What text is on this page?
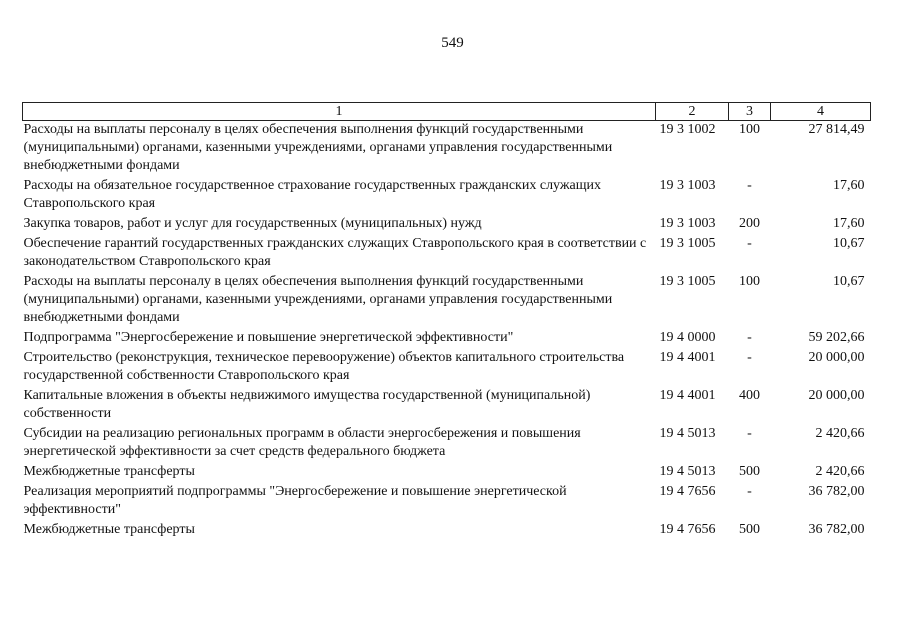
549
1	2	3	4
Расходы на выплаты персоналу в целях обеспечения выполнения функций государственными (муниципальными) органами, казенными учреждениями, органами управления государственными внебюджетными фондами	19 3 1002	100	27 814,49
Расходы на обязательное государственное страхование государственных гражданских служащих Ставропольского края	19 3 1003	-	17,60
Закупка товаров, работ и услуг для государственных (муниципальных) нужд	19 3 1003	200	17,60
Обеспечение гарантий государственных гражданских служащих Ставропольского края в соответствии с законодательством Ставропольского края	19 3 1005	-	10,67
Расходы на выплаты персоналу в целях обеспечения выполнения функций государственными (муниципальными) органами, казенными учреждениями, органами управления государственными внебюджетными фондами	19 3 1005	100	10,67
Подпрограмма "Энергосбережение и повышение энергетической эффективности"	19 4 0000	-	59 202,66
Строительство (реконструкция, техническое перевооружение) объектов капитального строительства государственной собственности Ставропольского края	19 4 4001	-	20 000,00
Капитальные вложения в объекты недвижимого имущества государственной (муниципальной) собственности	19 4 4001	400	20 000,00
Субсидии на реализацию региональных программ в области энергосбережения и повышения энергетической эффективности за счет средств федерального бюджета	19 4 5013	-	2 420,66
Межбюджетные трансферты	19 4 5013	500	2 420,66
Реализация мероприятий подпрограммы "Энергосбережение и повышение энергетической эффективности"	19 4 7656	-	36 782,00
Межбюджетные трансферты	19 4 7656	500	36 782,00
